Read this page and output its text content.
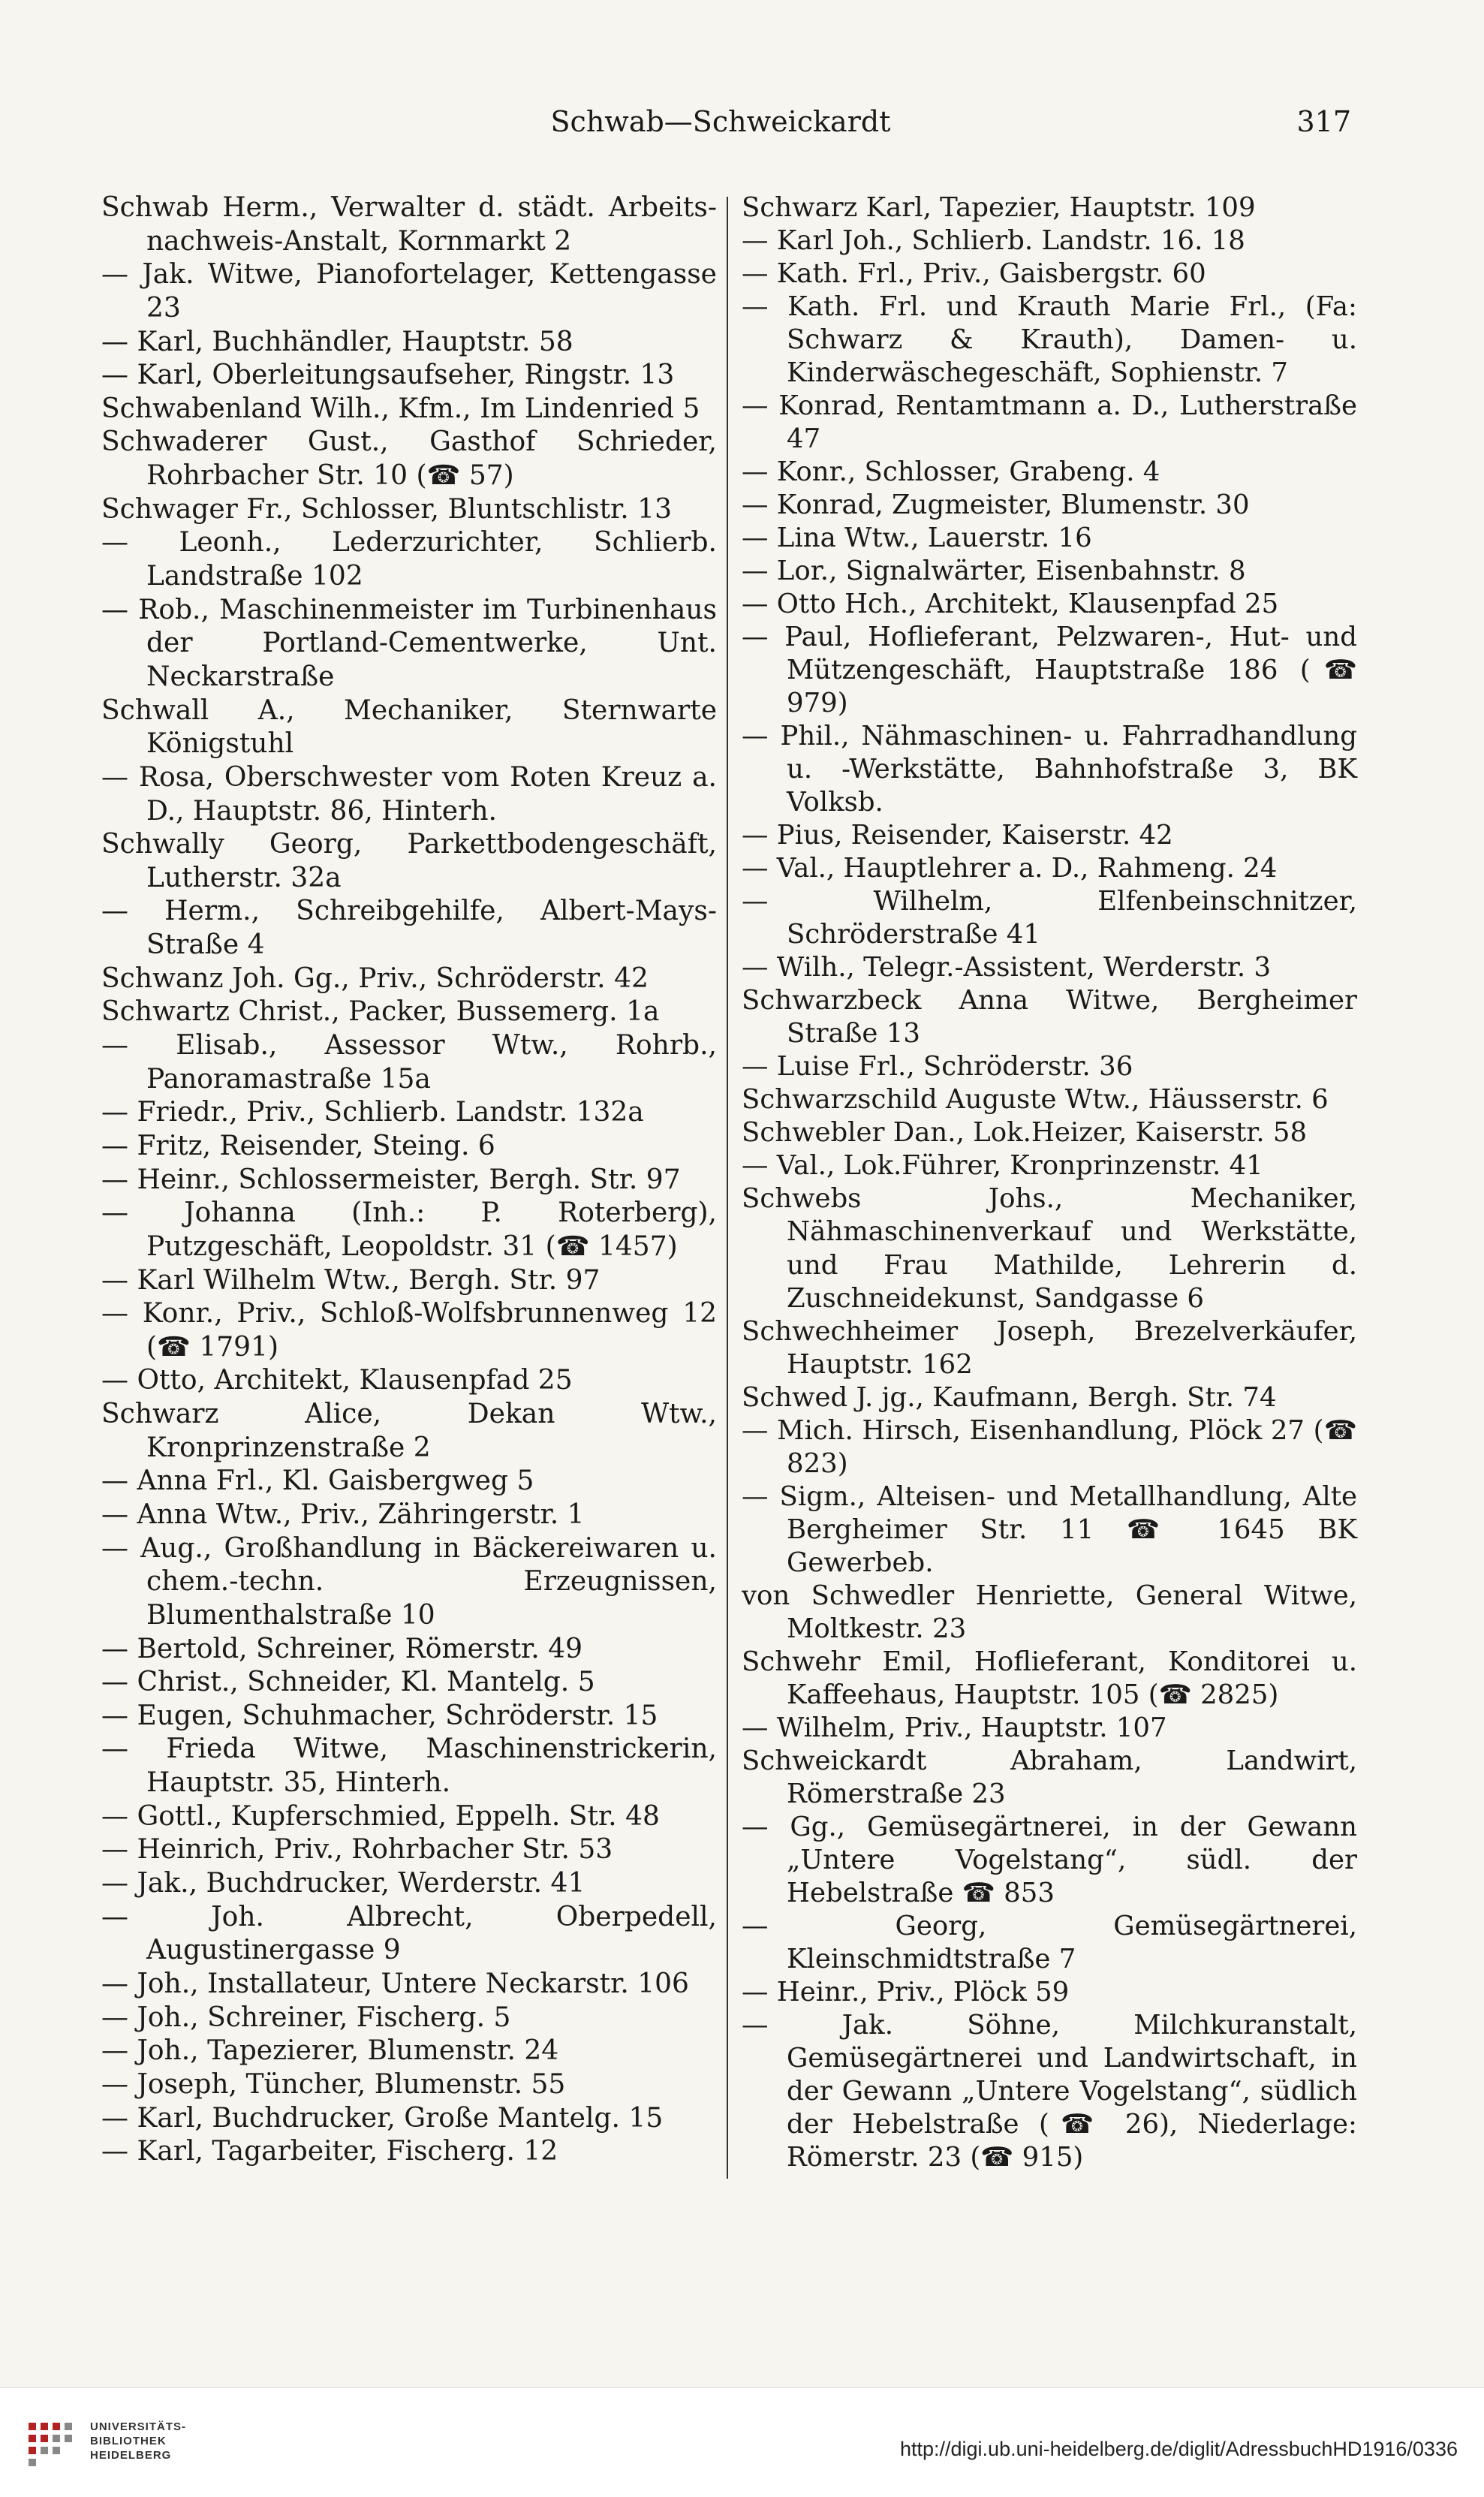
Schwab—Schweickardt	317

Schwab Herm., Verwalter d. städt. Arbeits-nachweis-Anstalt, Kornmarkt 2

— Jak. Witwe, Pianofortelager, Kettengasse 23

— Karl, Buchhändler, Hauptstr. 58

— Karl, Oberleitungsaufseher, Ringstr. 13

Schwabenland Wilh., Kfm., Im Lindenried 5

Schwaderer Gust., Gasthof Schrieder, Rohrbacher Str. 10 (☎ 57)

Schwager Fr., Schlosser, Bluntschlistr. 13

— Leonh., Lederzurichter, Schlierb. Landstraße 102

— Rob., Maschinenmeister im Turbinenhaus der Portland-Cementwerke, Unt. Neckarstraße

Schwall A., Mechaniker, Sternwarte Königstuhl

— Rosa, Oberschwester vom Roten Kreuz a. D., Hauptstr. 86, Hinterh.

Schwally Georg, Parkettbodengeschäft, Lutherstr. 32a

— Herm., Schreibgehilfe, Albert-Mays-Straße 4

Schwanz Joh. Gg., Priv., Schröderstr. 42

Schwartz Christ., Packer, Bussemerg. 1a

— Elisab., Assessor Wtw., Rohrb., Panoramastraße 15a

— Friedr., Priv., Schlierb. Landstr. 132a

— Fritz, Reisender, Steing. 6

— Heinr., Schlossermeister, Bergh. Str. 97

— Johanna (Inh.: P. Roterberg), Putzgeschäft, Leopoldstr. 31 (☎ 1457)

— Karl Wilhelm Wtw., Bergh. Str. 97

— Konr., Priv., Schloß-Wolfsbrunnenweg 12 (☎ 1791)

— Otto, Architekt, Klausenpfad 25

Schwarz Alice, Dekan Wtw., Kronprinzenstraße 2

— Anna Frl., Kl. Gaisbergweg 5

— Anna Wtw., Priv., Zähringerstr. 1

— Aug., Großhandlung in Bäckereiwaren u. chem.-techn. Erzeugnissen, Blumenthalstraße 10

— Bertold, Schreiner, Römerstr. 49

— Christ., Schneider, Kl. Mantelg. 5

— Eugen, Schuhmacher, Schröderstr. 15

— Frieda Witwe, Maschinenstrickerin, Hauptstr. 35, Hinterh.

— Gottl., Kupferschmied, Eppelh. Str. 48

— Heinrich, Priv., Rohrbacher Str. 53

— Jak., Buchdrucker, Werderstr. 41

— Joh. Albrecht, Oberpedell, Augustinergasse 9

— Joh., Installateur, Untere Neckarstr. 106

— Joh., Schreiner, Fischerg. 5

— Joh., Tapezierer, Blumenstr. 24

— Joseph, Tüncher, Blumenstr. 55

— Karl, Buchdrucker, Große Mantelg. 15

— Karl, Tagarbeiter, Fischerg. 12

Schwarz Karl, Tapezier, Hauptstr. 109

— Karl Joh., Schlierb. Landstr. 16. 18

— Kath. Frl., Priv., Gaisbergstr. 60

— Kath. Frl. und Krauth Marie Frl., (Fa: Schwarz & Krauth), Damen- u. Kinderwäschegeschäft, Sophienstr. 7

— Konrad, Rentamtmann a. D., Lutherstraße 47

— Konr., Schlosser, Grabeng. 4

— Konrad, Zugmeister, Blumenstr. 30

— Lina Wtw., Lauerstr. 16

— Lor., Signalwärter, Eisenbahnstr. 8

— Otto Hch., Architekt, Klausenpfad 25

— Paul, Hoflieferant, Pelzwaren-, Hut- und Mützengeschäft, Hauptstraße 186 (☎ 979)

— Phil., Nähmaschinen- u. Fahrradhandlung u. -Werkstätte, Bahnhofstraße 3, BK Volksb.

— Pius, Reisender, Kaiserstr. 42

— Val., Hauptlehrer a. D., Rahmeng. 24

— Wilhelm, Elfenbeinschnitzer, Schröderstraße 41

— Wilh., Telegr.-Assistent, Werderstr. 3

Schwarzbeck Anna Witwe, Bergheimer Straße 13

— Luise Frl., Schröderstr. 36

Schwarzschild Auguste Wtw., Häusserstr. 6

Schwebler Dan., Lok.Heizer, Kaiserstr. 58

— Val., Lok.Führer, Kronprinzenstr. 41

Schwebs Johs., Mechaniker, Nähmaschinenverkauf und Werkstätte, und Frau Mathilde, Lehrerin d. Zuschneidekunst, Sandgasse 6

Schwechheimer Joseph, Brezelverkäufer, Hauptstr. 162

Schwed J. jg., Kaufmann, Bergh. Str. 74

— Mich. Hirsch, Eisenhandlung, Plöck 27 (☎ 823)

— Sigm., Alteisen- und Metallhandlung, Alte Bergheimer Str. 11 ☎ 1645 BK Gewerbeb.

von Schwedler Henriette, General Witwe, Moltkestr. 23

Schwehr Emil, Hoflieferant, Konditorei u. Kaffeehaus, Hauptstr. 105 (☎ 2825)

— Wilhelm, Priv., Hauptstr. 107

Schweickardt Abraham, Landwirt, Römerstraße 23

— Gg., Gemüsegärtnerei, in der Gewann „Untere Vogelstang“, südl. der Hebelstraße ☎ 853

— Georg, Gemüsegärtnerei, Kleinschmidtstraße 7

— Heinr., Priv., Plöck 59

— Jak. Söhne, Milchkuranstalt, Gemüsegärtnerei und Landwirtschaft, in der Gewann „Untere Vogelstang“, südlich der Hebelstraße (☎ 26), Niederlage: Römerstr. 23 (☎ 915)

UNIVERSITÄTS-
BIBLIOTHEK
HEIDELBERG	http://digi.ub.uni-heidelberg.de/diglit/AdressbuchHD1916/0336
